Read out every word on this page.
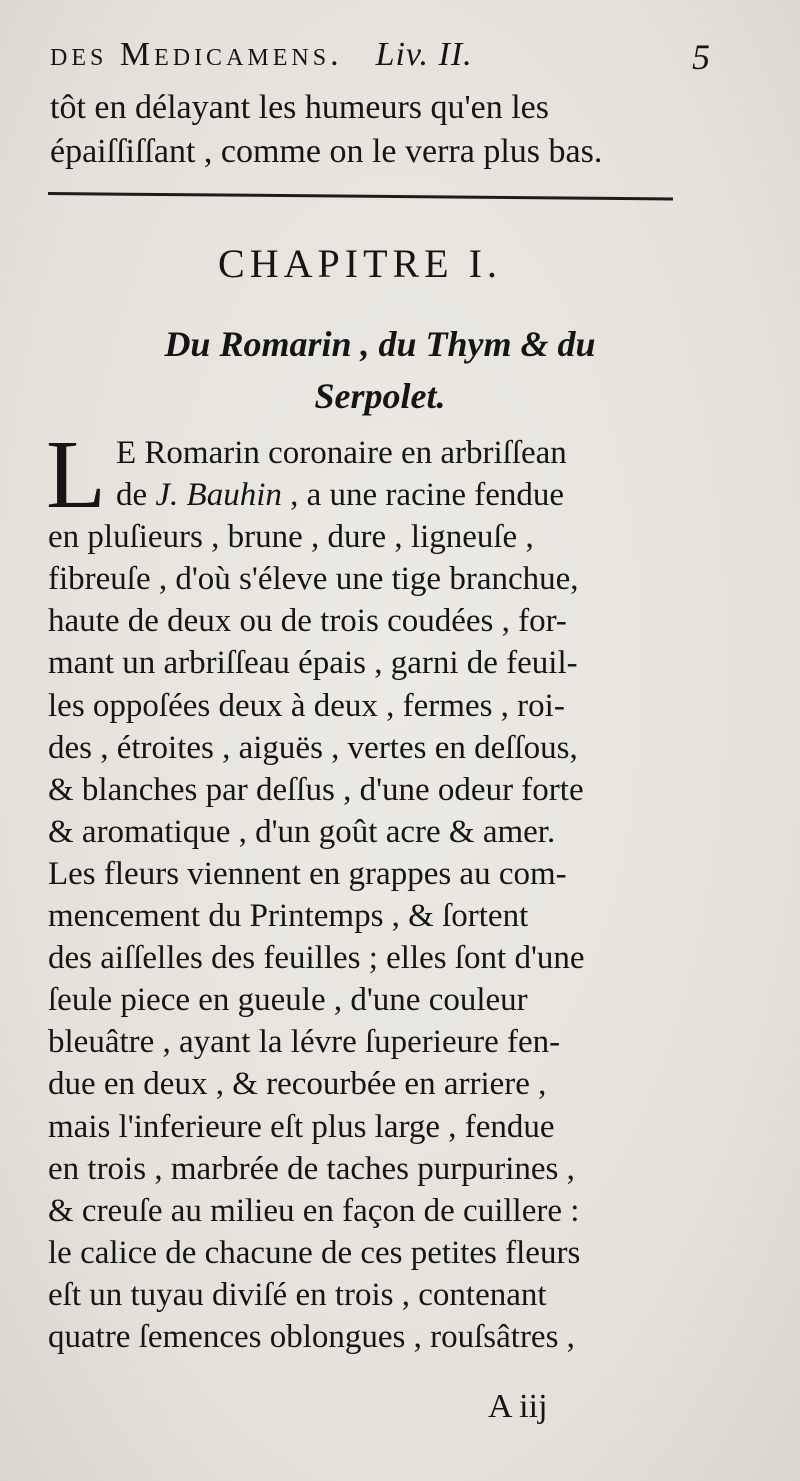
des Medicamens. Liv. II.	5
tôt en délayant les humeurs qu'en les
épaiſſiſſant , comme on le verra plus bas.
CHAPITRE I.
Du Romarin , du Thym & du
Serpolet.
L E Romarin coronaire en arbriſſean
de J. Bauhin , a une racine fendue
en pluſieurs , brune , dure , ligneuſe ,
fibreuſe , d'où s'éleve une tige branchue,
haute de deux ou de trois coudées , for-
mant un arbriſſeau épais , garni de feuil-
les oppoſées deux à deux , fermes , roi-
des , étroites , aiguës , vertes en deſſous,
& blanches par deſſus , d'une odeur forte
& aromatique , d'un goût acre & amer.
Les fleurs viennent en grappes au com-
mencement du Printemps , & ſortent
des aiſſelles des feuilles ; elles ſont d'une
ſeule piece en gueule , d'une couleur
bleuâtre , ayant la lévre ſuperieure fen-
due en deux , & recourbée en arriere ,
mais l'inferieure eſt plus large , fendue
en trois , marbrée de taches purpurines ,
& creuſe au milieu en façon de cuillere :
le calice de chacune de ces petites fleurs
eſt un tuyau diviſé en trois , contenant
quatre ſemences oblongues , rouſsâtres ,
A iij
